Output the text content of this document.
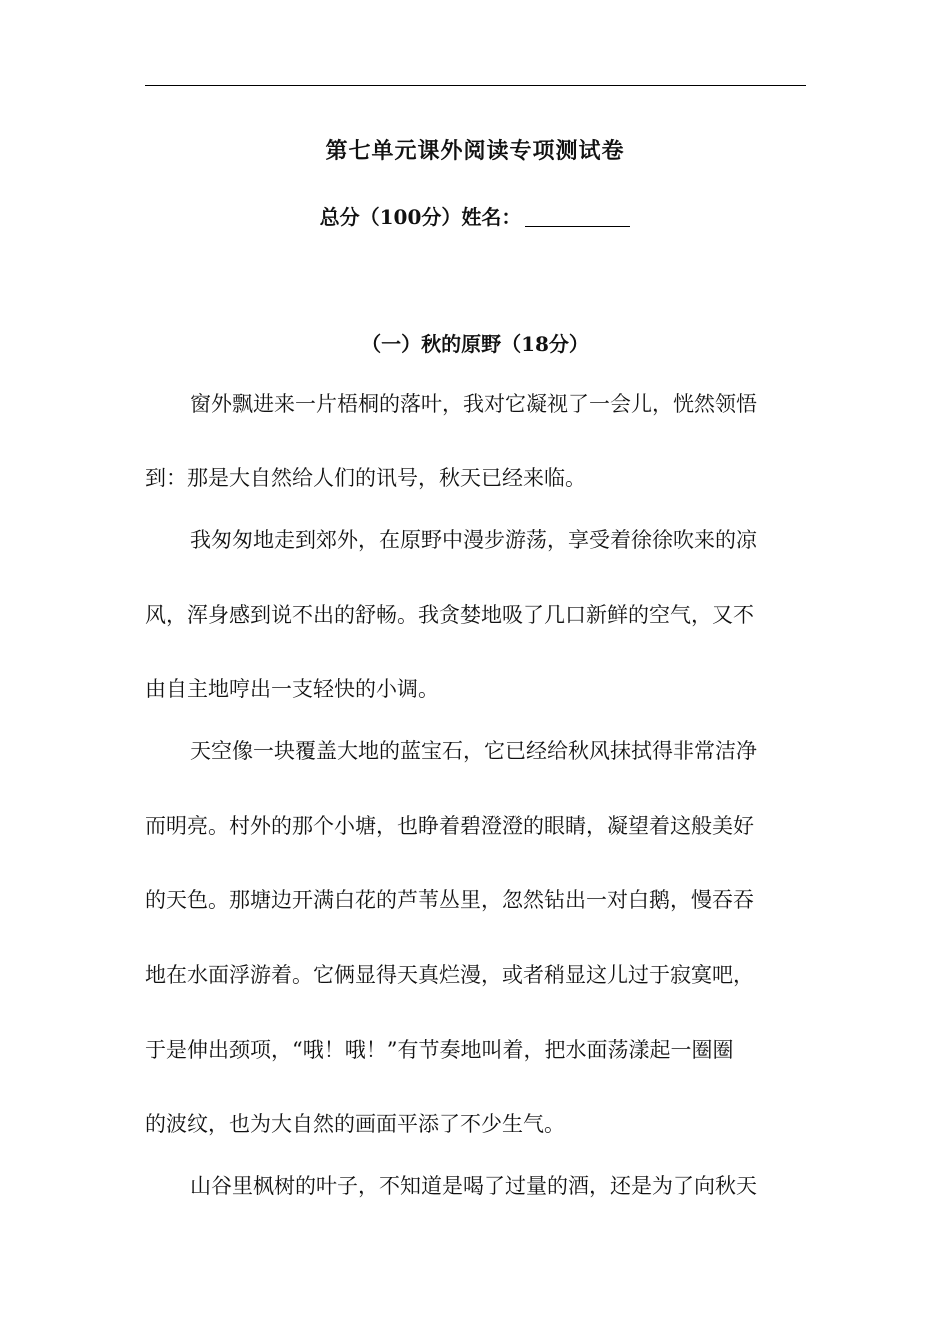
第七单元课外阅读专项测试卷
总分（100分）姓名：
（一）秋的原野（18分）
窗外飘进来一片梧桐的落叶，我对它凝视了一会儿，恍然领悟
到：那是大自然给人们的讯号，秋天已经来临。
我匆匆地走到郊外，在原野中漫步游荡，享受着徐徐吹来的凉
风，浑身感到说不出的舒畅。我贪婪地吸了几口新鲜的空气，又不
由自主地哼出一支轻快的小调。
天空像一块覆盖大地的蓝宝石，它已经给秋风抹拭得非常洁净
而明亮。村外的那个小塘，也睁着碧澄澄的眼睛，凝望着这般美好
的天色。那塘边开满白花的芦苇丛里，忽然钻出一对白鹅，慢吞吞
地在水面浮游着。它俩显得天真烂漫，或者稍显这儿过于寂寞吧，
于是伸出颈项，“哦！哦！”有节奏地叫着，把水面荡漾起一圈圈
的波纹，也为大自然的画面平添了不少生气。
山谷里枫树的叶子，不知道是喝了过量的酒，还是为了向秋天
